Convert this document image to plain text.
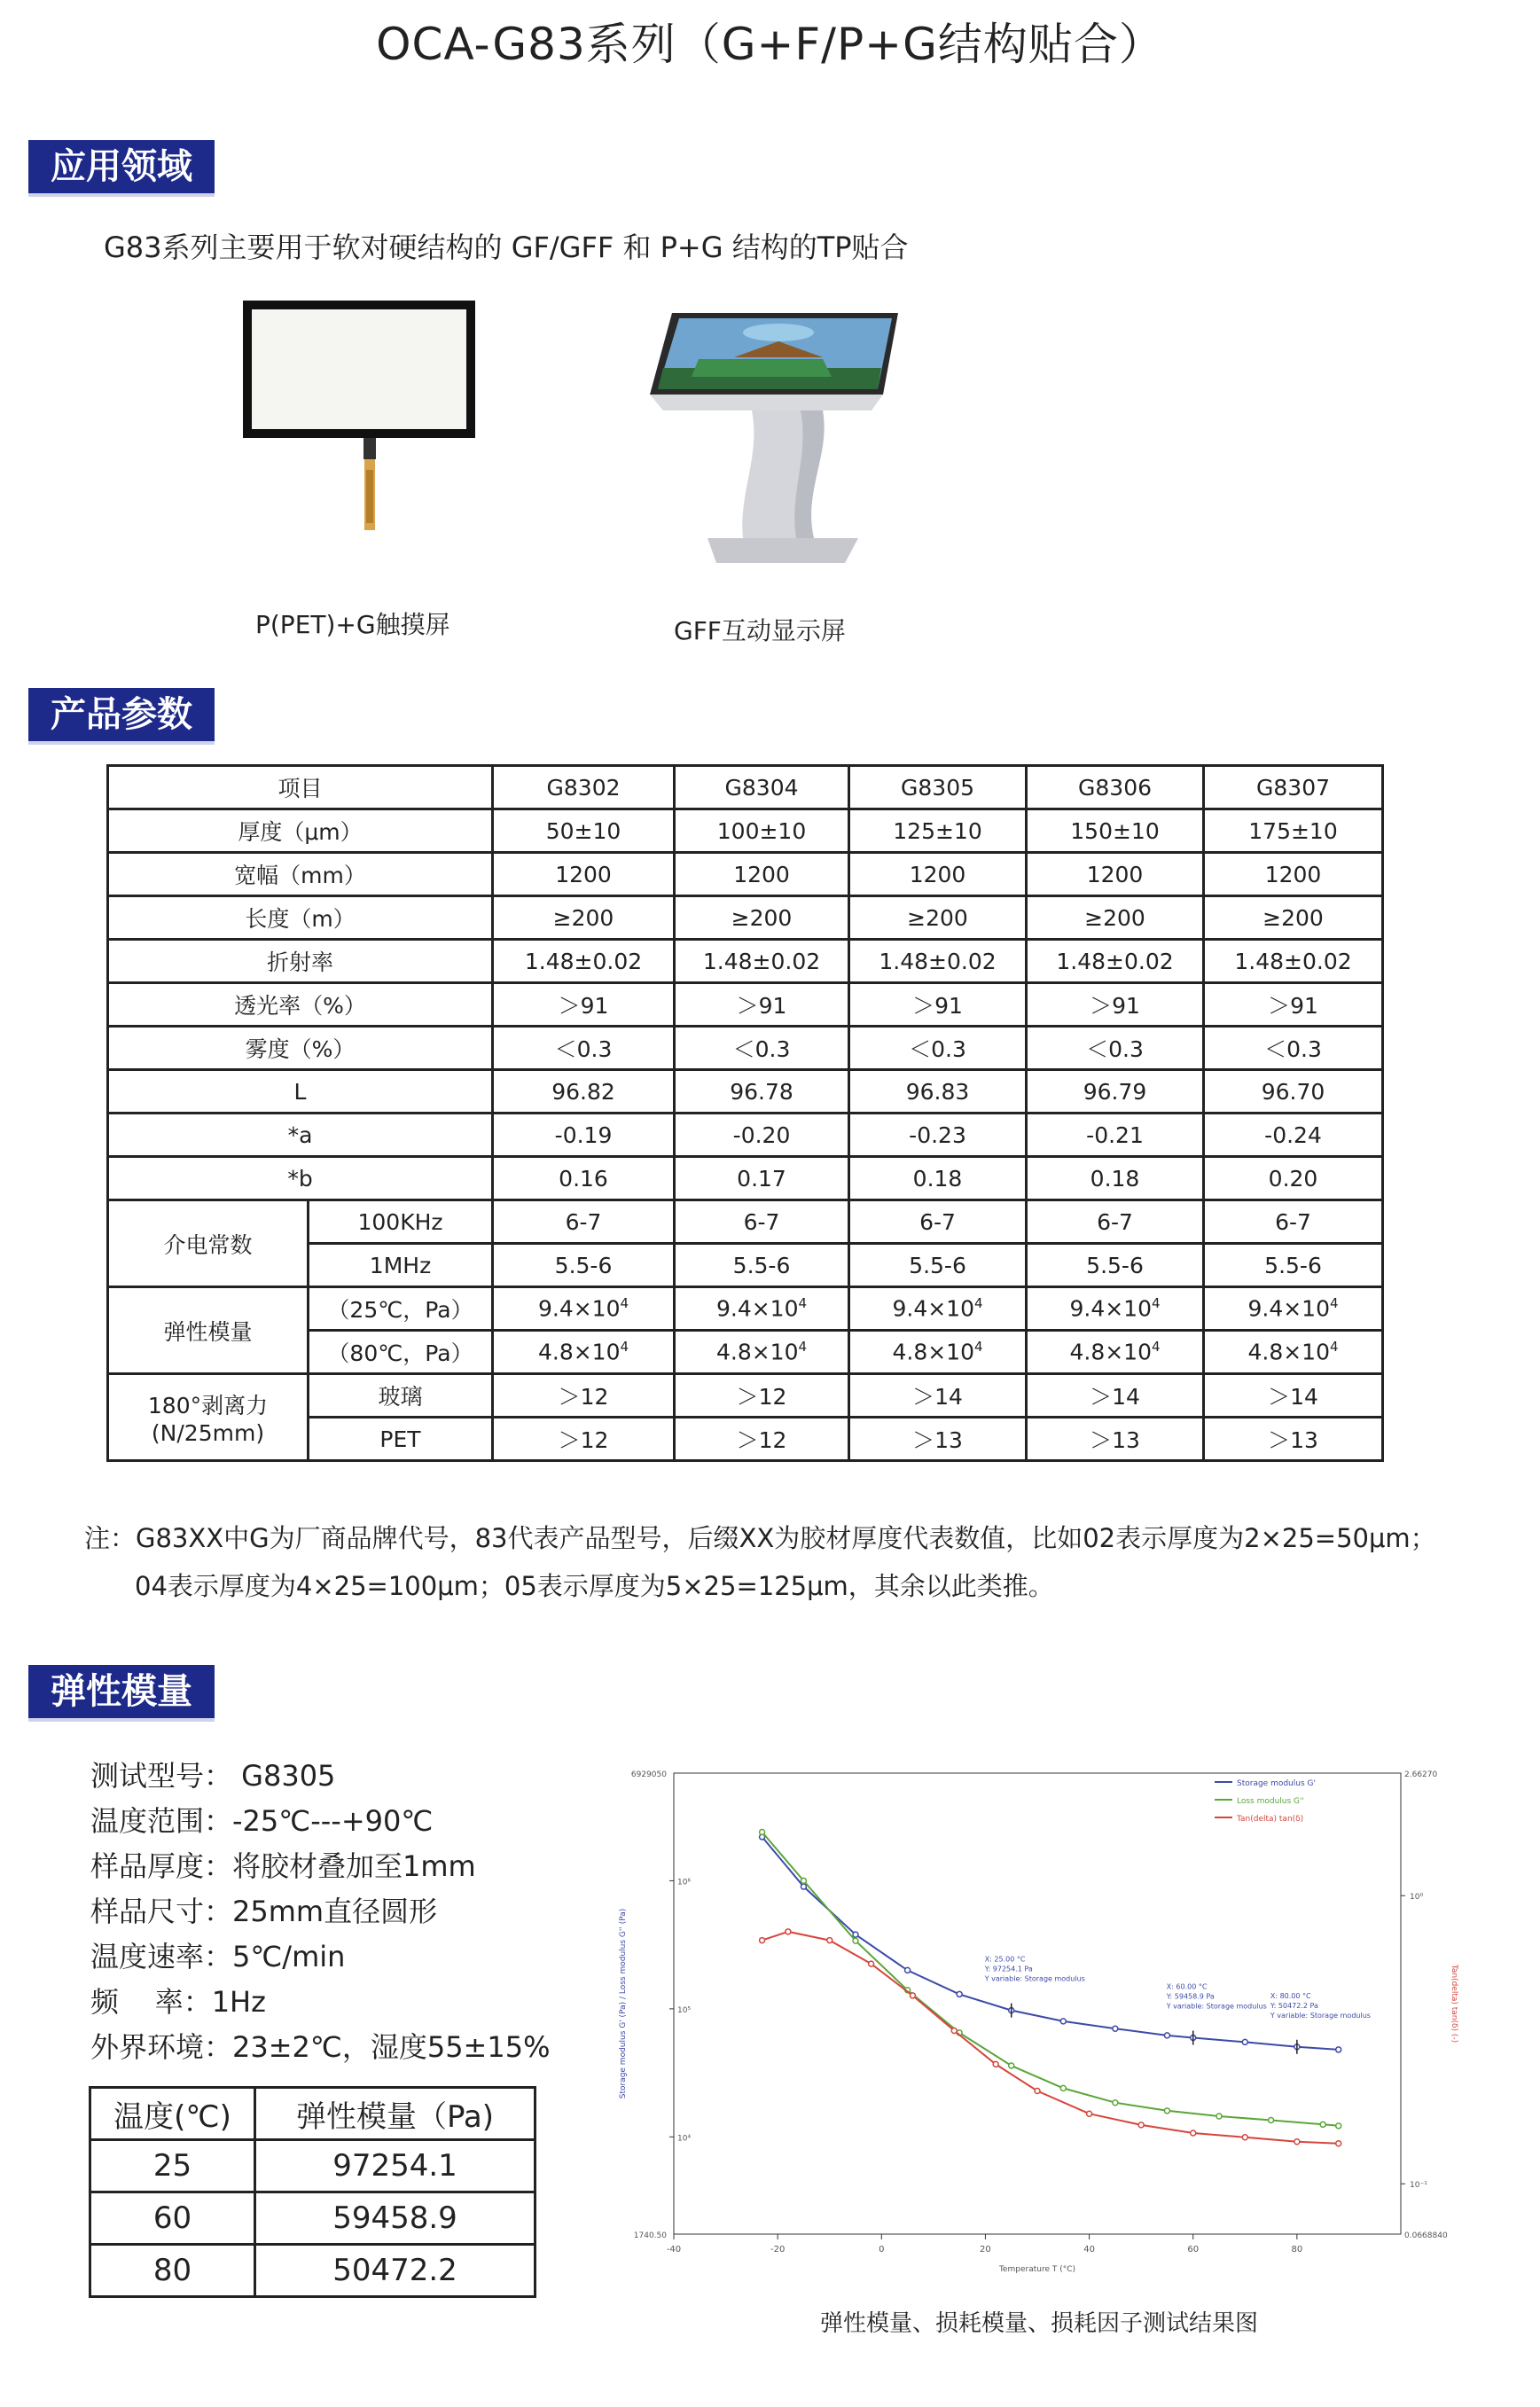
OCA-G83系列（G+F/P+G结构贴合）
应用领域
G83系列主要用于软对硬结构的 GF/GFF 和 P+G 结构的TP贴合
P(PET)+G触摸屏	GFF互动显示屏
产品参数
项目		G8302	G8304	G8305	G8306	G8307
厚度（μm）		50±10	100±10	125±10	150±10	175±10
宽幅（mm）		1200	1200	1200	1200	1200
长度（m）		≥200	≥200	≥200	≥200	≥200
折射率		1.48±0.02	1.48±0.02	1.48±0.02	1.48±0.02	1.48±0.02
透光率（%）		＞91	＞91	＞91	＞91	＞91
雾度（%）		＜0.3	＜0.3	＜0.3	＜0.3	＜0.3
L		96.82	96.78	96.83	96.79	96.70
*a		-0.19	-0.20	-0.23	-0.21	-0.24
*b		0.16	0.17	0.18	0.18	0.20
介电常数	100KHz	6-7	6-7	6-7	6-7	6-7
	1MHz	5.5-6	5.5-6	5.5-6	5.5-6	5.5-6
弹性模量	（25℃，Pa）	$9.4\times 10^4$	$9.4\times 10^4$	$9.4\times 10^4$	$9.4\times 10^4$	$9.4\times 10^4$
	（80℃，Pa）	$4.8\times 10^4$	$4.8\times 10^4$	$4.8\times 10^4$	$4.8\times 10^4$	$4.8\times 10^4$

180°剥离力
(N/25mm)	玻璃	＞12	＞12	＞14	＞14	＞14
	PET	＞12	＞12	＞13	＞13	＞13
注：G83XX中G为厂商品牌代号，83代表产品型号，后缀XX为胶材厚度代表数值，比如02表示厚度为2×25=50μm；
04表示厚度为4×25=100μm；05表示厚度为5×25=125μm，其余以此类推。
弹性模量
测试型号： G8305
温度范围：-25℃---+90℃
样品厚度：将胶材叠加至1mm
样品尺寸：25mm直径圆形
温度速率：5℃/min
频    率：1Hz
外界环境：23±2℃，湿度55±15%
温度(℃)	弹性模量（Pa)
25	97254.1
60	59458.9
80	50472.2
-40	-20	0	20	40	60	80
Temperature T (°C)
10⁶
10⁵
10⁴
10⁰
10⁻¹
6929050
1740.50
2.66270
0.0668840
Storage modulus G' (Pa) / Loss modulus G'' (Pa)	Tan(delta) tan(δ) (-)
Storage modulus G'
Loss modulus G''
Tan(delta) tan(δ)
X: 25.00 °C
Y: 97254.1 Pa
Y variable: Storage modulus
X: 60.00 °C
Y: 59458.9 Pa
Y variable: Storage modulus
X: 80.00 °C
Y: 50472.2 Pa
Y variable: Storage modulus
弹性模量、损耗模量、损耗因子测试结果图
